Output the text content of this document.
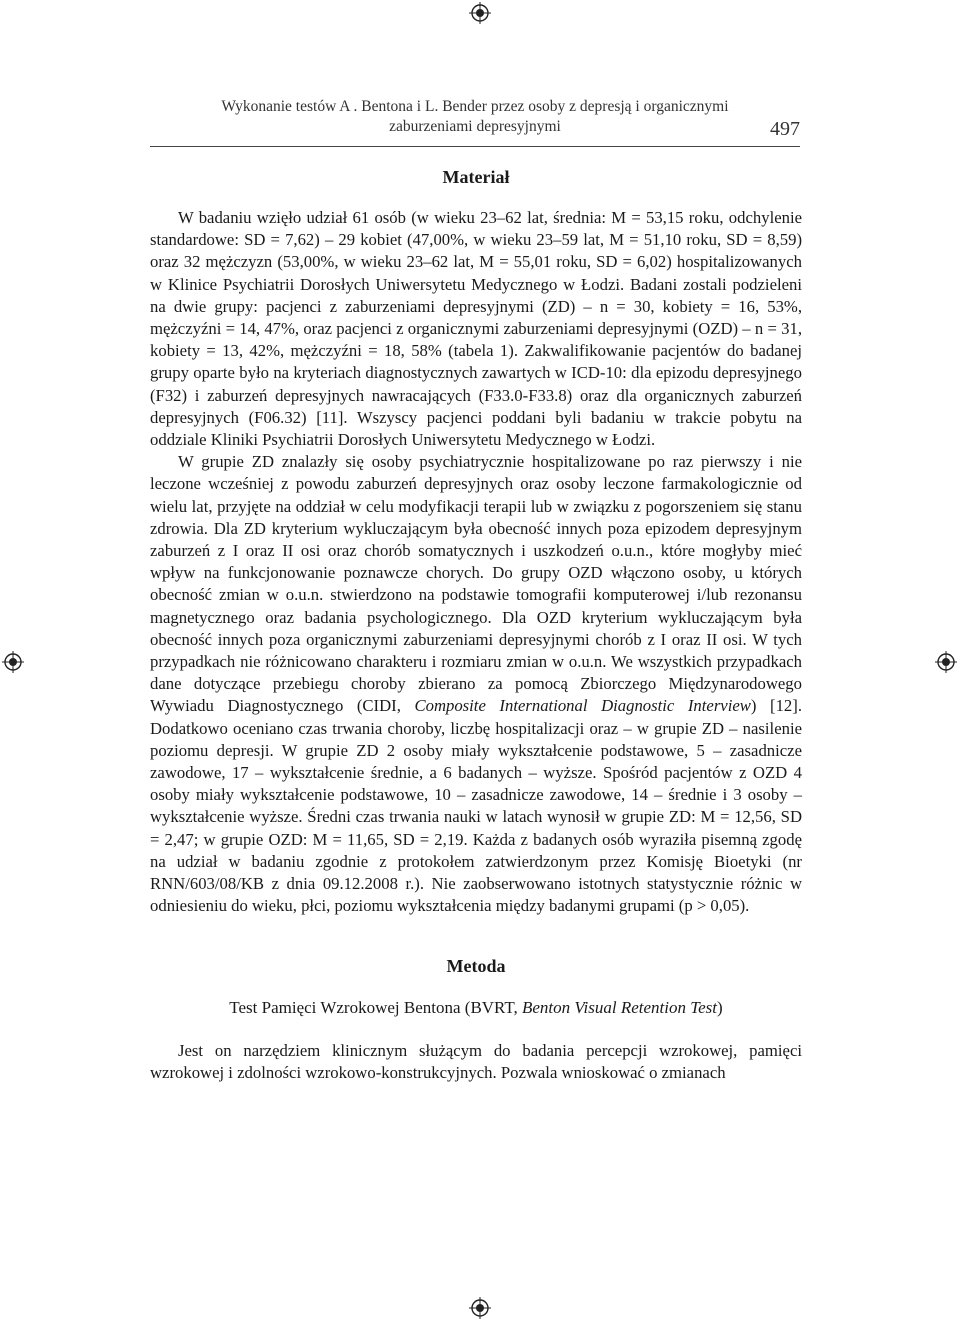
Wykonanie testów A . Bentona i L. Bender przez osoby z depresją i organicznymi
zaburzeniami depresyjnymi	497
Materiał

W badaniu wzięło udział 61 osób (w wieku 23–62 lat, średnia: M = 53,15 roku, odchylenie standardowe: SD = 7,62) – 29 kobiet (47,00%, w wieku 23–59 lat, M = 51,10 roku, SD = 8,59) oraz 32 mężczyzn (53,00%, w wieku 23–62 lat, M = 55,01 roku, SD = 6,02) hospitalizowanych w Klinice Psychiatrii Dorosłych Uniwersytetu Medycznego w Łodzi. Badani zostali podzieleni na dwie grupy: pacjenci z zaburzeniami depresyjnymi (ZD) – n = 30, kobiety = 16, 53%, mężczyźni = 14, 47%, oraz pacjenci z organicznymi zaburzeniami depresyjnymi (OZD) – n = 31, kobiety = 13, 42%, mężczyźni = 18, 58% (tabela 1). Zakwalifikowanie pacjentów do badanej grupy oparte było na kryteriach diagnostycznych zawartych w ICD-10: dla epizodu depresyjnego (F32) i zaburzeń depresyjnych nawracających (F33.0-F33.8) oraz dla organicznych zaburzeń depresyjnych (F06.32) [11]. Wszyscy pacjenci poddani byli badaniu w trakcie pobytu na oddziale Kliniki Psychiatrii Dorosłych Uniwersytetu Medycznego w Łodzi.

W grupie ZD znalazły się osoby psychiatrycznie hospitalizowane po raz pierwszy i nie leczone wcześniej z powodu zaburzeń depresyjnych oraz osoby leczone farmakologicznie od wielu lat, przyjęte na oddział w celu modyfikacji terapii lub w związku z pogorszeniem się stanu zdrowia. Dla ZD kryterium wykluczającym była obecność innych poza epizodem depresyjnym zaburzeń z I oraz II osi oraz chorób somatycznych i uszkodzeń o.u.n., które mogłyby mieć wpływ na funkcjonowanie poznawcze chorych. Do grupy OZD włączono osoby, u których obecność zmian w o.u.n. stwierdzono na podstawie tomografii komputerowej i/lub rezonansu magnetycznego oraz badania psychologicznego. Dla OZD kryterium wykluczającym była obecność innych poza organicznymi zaburzeniami depresyjnymi chorób z I oraz II osi. W tych przypadkach nie różnicowano charakteru i rozmiaru zmian w o.u.n. We wszystkich przypadkach dane dotyczące przebiegu choroby zbierano za pomocą Zbiorczego Międzynarodowego Wywiadu Diagnostycznego (CIDI, Composite International Diagnostic Interview) [12]. Dodatkowo oceniano czas trwania choroby, liczbę hospitalizacji oraz – w grupie ZD – nasilenie poziomu depresji. W grupie ZD 2 osoby miały wykształcenie podstawowe, 5 – zasadnicze zawodowe, 17 – wykształcenie średnie, a 6 badanych – wyższe. Spośród pacjentów z OZD 4 osoby miały wykształcenie podstawowe, 10 – zasadnicze zawodowe, 14 – średnie i 3 osoby – wykształcenie wyższe. Średni czas trwania nauki w latach wynosił w grupie ZD: M = 12,56, SD = 2,47; w grupie OZD: M = 11,65, SD = 2,19. Każda z badanych osób wyraziła pisemną zgodę na udział w badaniu zgodnie z protokołem zatwierdzonym przez Komisję Bioetyki (nr RNN/603/08/KB z dnia 09.12.2008 r.). Nie zaobserwowano istotnych statystycznie różnic w odniesieniu do wieku, płci, poziomu wykształcenia między badanymi grupami (p > 0,05).

Metoda
Test Pamięci Wzrokowej Bentona (BVRT, Benton Visual Retention Test)

Jest on narzędziem klinicznym służącym do badania percepcji wzrokowej, pamięci wzrokowej i zdolności wzrokowo-konstrukcyjnych. Pozwala wnioskować o zmianach
